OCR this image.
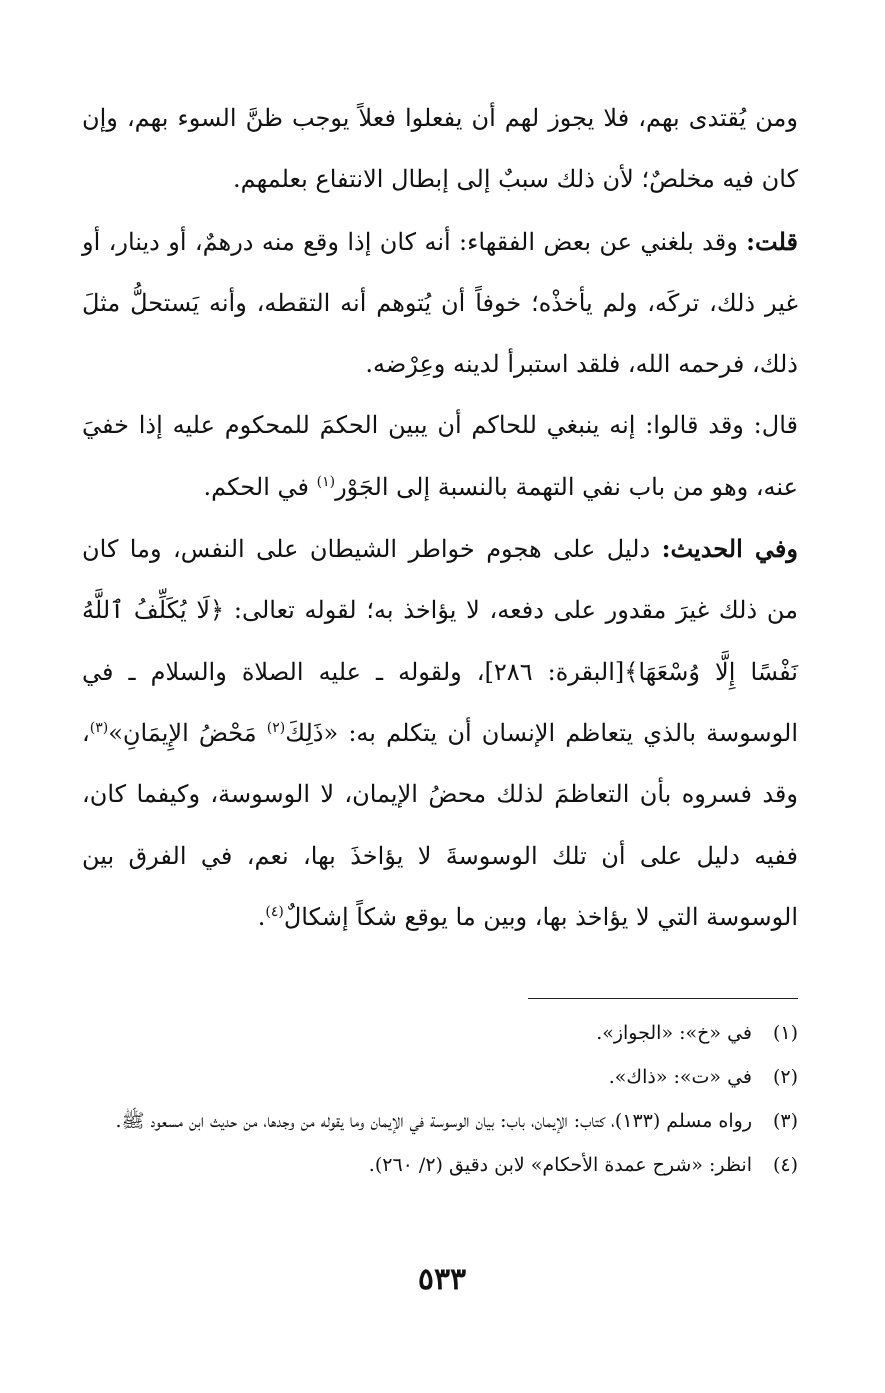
ومن يُقتدى بهم، فلا يجوز لهم أن يفعلوا فعلاً يوجب ظنَّ السوء بهم، وإن كان فيه مخلصٌ؛ لأن ذلك سببٌ إلى إبطال الانتفاع بعلمهم.

قلت: وقد بلغني عن بعض الفقهاء: أنه كان إذا وقع منه درهمٌ، أو دينار، أو غير ذلك، تركَه، ولم يأخذْه؛ خوفاً أن يُتوهم أنه التقطه، وأنه يَستحلُّ مثلَ ذلك، فرحمه الله، فلقد استبرأ لدينه وعِرْضه.

قال: وقد قالوا: إنه ينبغي للحاكم أن يبين الحكمَ للمحكوم عليه إذا خفيَ عنه، وهو من باب نفي التهمة بالنسبة إلى الجَوْر$^{(١)}$ في الحكم.

وفي الحديث: دليل على هجوم خواطر الشيطان على النفس، وما كان من ذلك غيرَ مقدور على دفعه، لا يؤاخذ به؛ لقوله تعالى: ﴿لَا يُكَلِّفُ ٱللَّهُ نَفْسًا إِلَّا وُسْعَهَا﴾[البقرة: ٢٨٦]، ولقوله ـ عليه الصلاة والسلام ـ في الوسوسة بالذي يتعاظم الإنسان أن يتكلم به: «ذَلِكَ$^{(٢)}$ مَحْضُ الإِيمَانِ»$^{(٣)}$، وقد فسروه بأن التعاظمَ لذلك محضُ الإيمان، لا الوسوسة، وكيفما كان، ففيه دليل على أن تلك الوسوسةَ لا يؤاخذَ بها، نعم، في الفرق بين الوسوسة التي لا يؤاخذ بها، وبين ما يوقع شكاً إشكالٌ$^{(٤)}$.

(١)
في «خ»: «الجواز».
(٢)
في «ت»: «ذاك».
(٣)
رواه مسلم (١٣٣)، كتاب: الإيمان، باب: بيان الوسوسة في الإيمان وما يقوله من وجدها، من حديث ابن مسعود ﷺ.
(٤)
انظر: «شرح عمدة الأحكام» لابن دقيق (٢/ ٢٦٠).
٥٣٣
